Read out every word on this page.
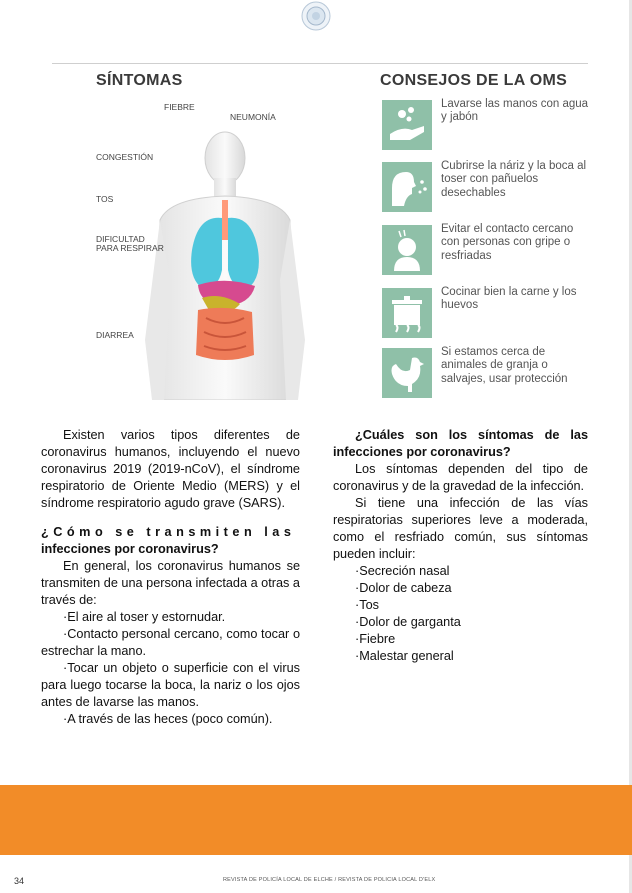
SÍNTOMAS	CONSEJOS DE LA OMS
FIEBRE
NEUMONÍA
CONGESTIÓN
TOS
DIFICULTAD PARA RESPIRAR
DIARREA
Lavarse las manos con agua y jabón
Cubrirse la náriz y la boca al toser con pañuelos desechables
Evitar el contacto cercano con personas con gripe o resfriadas
Cocinar bien la carne y los huevos
Si estamos cerca de animales de granja o salvajes, usar protección

Existen varios tipos diferentes de coronavirus humanos, incluyendo el nuevo coronavirus 2019 (2019-nCoV), el síndrome respiratorio de Oriente Medio (MERS) y el síndrome respiratorio agudo grave (SARS).

¿Cómo se transmiten las
infecciones por coronavirus?

En general, los coronavirus humanos se transmiten de una persona infectada a otras a través de:

·El aire al toser y estornudar.

·Contacto personal cercano, como tocar o estrechar la mano.

·Tocar un objeto o superficie con el virus para luego tocarse la boca, la nariz o los ojos antes de lavarse las manos.

·A través de las heces (poco común).

¿Cuáles son los síntomas de las infecciones por coronavirus?

Los síntomas dependen del tipo de coronavirus y de la gravedad de la infección.

Si tiene una infección de las vías respiratorias superiores leve a moderada, como el resfriado común, sus síntomas pueden incluir:

·Secreción nasal

·Dolor de cabeza

·Tos

·Dolor de garganta

·Fiebre

·Malestar general

34	REVISTA DE POLICÍA LOCAL DE ELCHE / REVISTA DE POLICIA LOCAL D'ELX
